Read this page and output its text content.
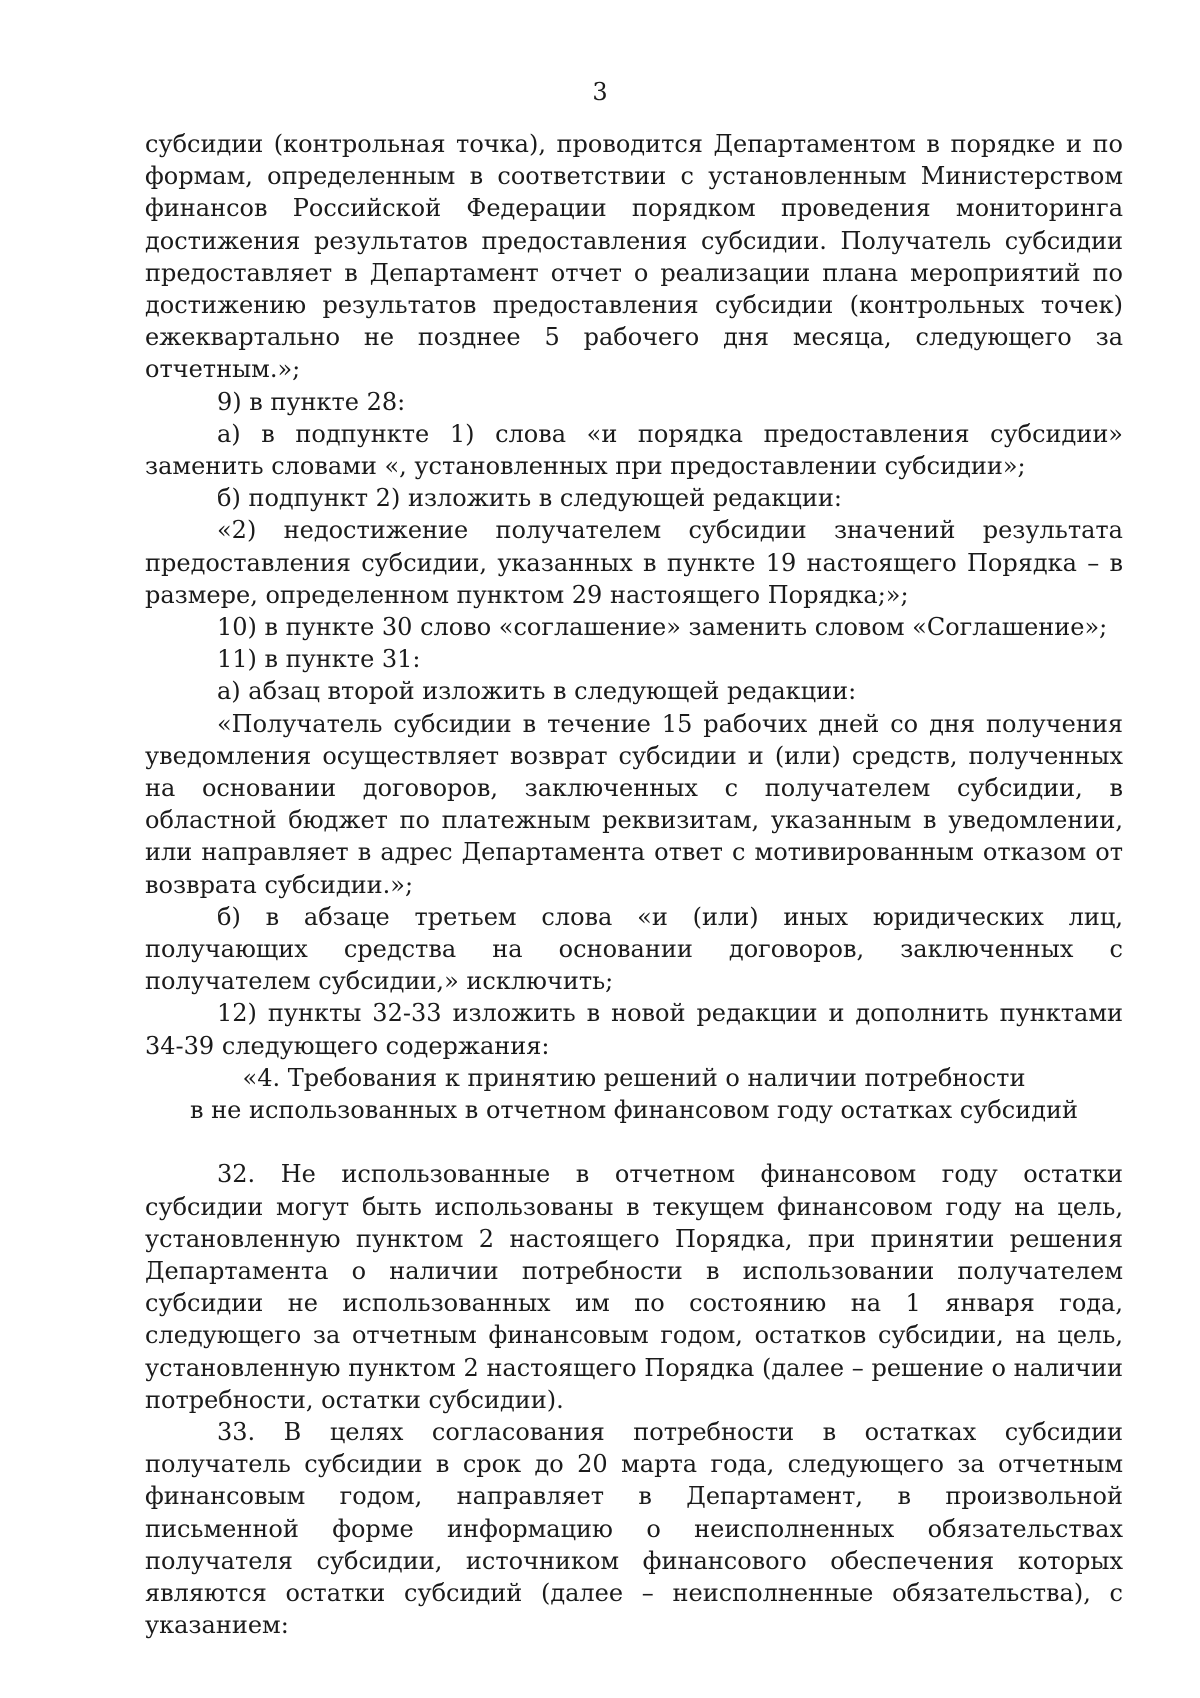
3

субсидии (контрольная точка), проводится Департаментом в порядке и по формам, определенным в соответствии с установленным Министерством финансов Российской Федерации порядком проведения мониторинга достижения результатов предоставления субсидии. Получатель субсидии предоставляет в Департамент отчет о реализации плана мероприятий по достижению результатов предоставления субсидии (контрольных точек) ежеквартально не позднее 5 рабочего дня месяца, следующего за отчетным.»;

9) в пункте 28:

а) в подпункте 1) слова «и порядка предоставления субсидии» заменить словами «, установленных при предоставлении субсидии»;

б) подпункт 2) изложить в следующей редакции:

«2) недостижение получателем субсидии значений результата предоставления субсидии, указанных в пункте 19 настоящего Порядка – в размере, определенном пунктом 29 настоящего Порядка;»;

10) в пункте 30 слово «соглашение» заменить словом «Соглашение»;

11) в пункте 31:

а) абзац второй изложить в следующей редакции:

«Получатель субсидии в течение 15 рабочих дней со дня получения уведомления осуществляет возврат субсидии и (или) средств, полученных на основании договоров, заключенных с получателем субсидии, в областной бюджет по платежным реквизитам, указанным в уведомлении, или направляет в адрес Департамента ответ с мотивированным отказом от возврата субсидии.»;

б) в абзаце третьем слова «и (или) иных юридических лиц, получающих средства на основании договоров, заключенных с получателем субсидии,» исключить;

12) пункты 32-33 изложить в новой редакции и дополнить пунктами 34-39 следующего содержания:

«4. Требования к принятию решений о наличии потребности
в не использованных в отчетном финансовом году остатках субсидий

32. Не использованные в отчетном финансовом году остатки субсидии могут быть использованы в текущем финансовом году на цель, установленную пунктом 2 настоящего Порядка, при принятии решения Департамента о наличии потребности в использовании получателем субсидии не использованных им по состоянию на 1 января года, следующего за отчетным финансовым годом, остатков субсидии, на цель, установленную пунктом 2 настоящего Порядка (далее – решение о наличии потребности, остатки субсидии).

33. В целях согласования потребности в остатках субсидии получатель субсидии в срок до 20 марта года, следующего за отчетным финансовым годом, направляет в Департамент, в произвольной письменной форме информацию о неисполненных обязательствах получателя субсидии, источником финансового обеспечения которых являются остатки субсидий (далее – неисполненные обязательства), с указанием:
